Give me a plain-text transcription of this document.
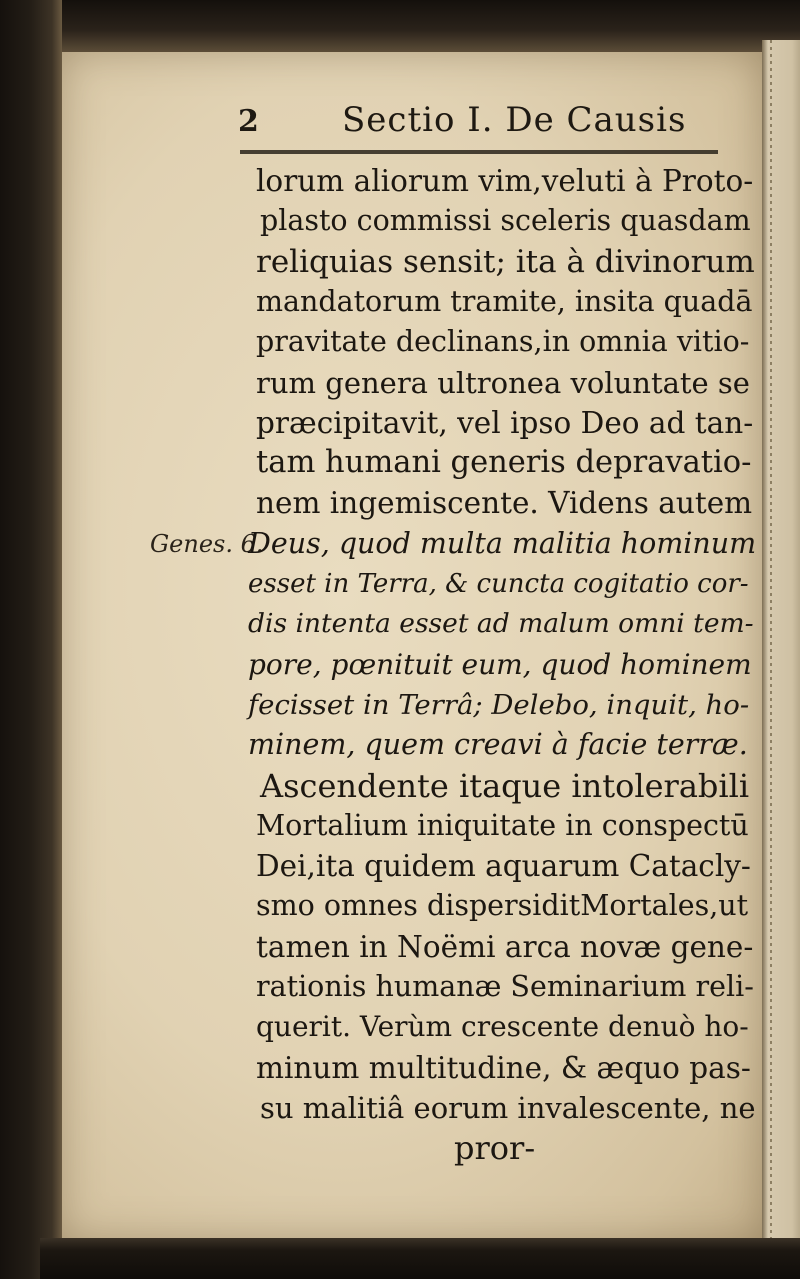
2 Sectio I. De Causis
Genes. 6.
lorum aliorum vim,veluti à Proto-
plasto commissi sceleris quasdam
reliquias sensit; ita à divinorum
mandatorum tramite, insita quadā
pravitate declinans,in omnia vitio-
rum genera ultronea voluntate se
præcipitavit, vel ipso Deo ad tan-
tam humani generis depravatio-
nem ingemiscente. Videns autem
Deus, quod multa malitia hominum
esset in Terra, & cuncta cogitatio cor-
dis intenta esset ad malum omni tem-
pore, pœnituit eum, quod hominem
fecisset in Terrâ; Delebo, inquit, ho-
minem, quem creavi à facie terræ.
Ascendente itaque intolerabili
Mortalium iniquitate in conspectū
Dei,ita quidem aquarum Catacly-
smo omnes dispersiditMortales,ut
tamen in Noëmi arca novæ gene-
rationis humanæ Seminarium reli-
querit. Verùm crescente denuò ho-
minum multitudine, & æquo pas-
su malitiâ eorum invalescente, ne
pror-
